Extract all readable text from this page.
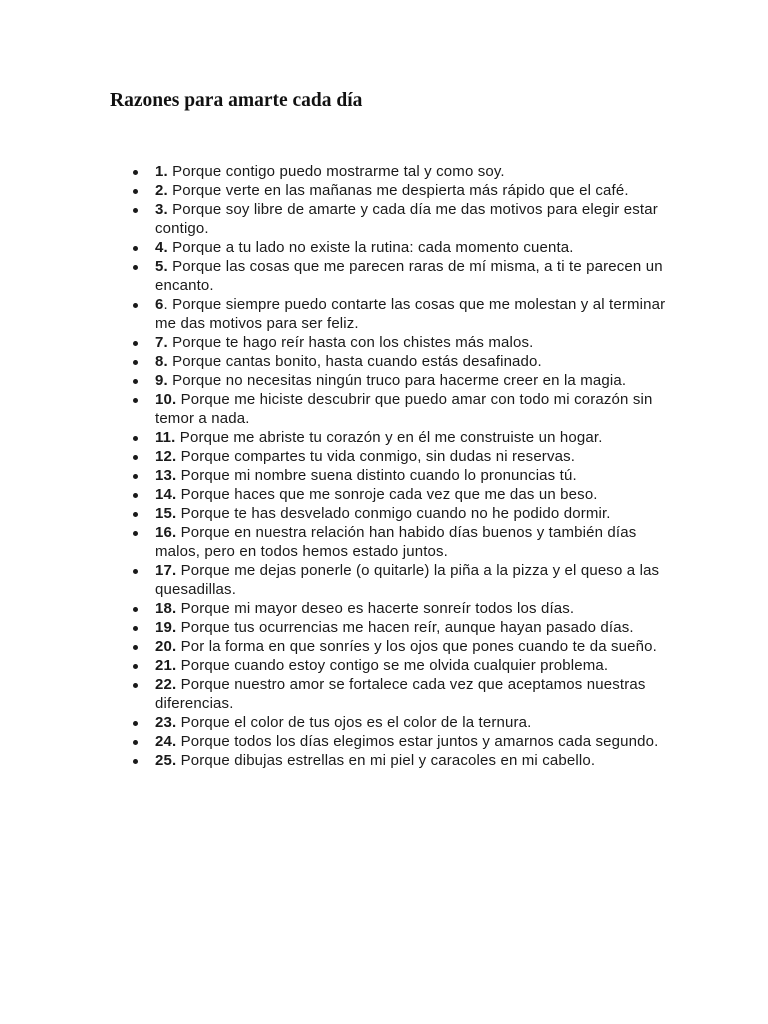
Razones para amarte cada día
1. Porque contigo puedo mostrarme tal y como soy.
2. Porque verte en las mañanas me despierta más rápido que el café.
3. Porque soy libre de amarte y cada día me das motivos para elegir estar contigo.
4. Porque a tu lado no existe la rutina: cada momento cuenta.
5. Porque las cosas que me parecen raras de mí misma, a ti te parecen un encanto.
6. Porque siempre puedo contarte las cosas que me molestan y al terminar me das motivos para ser feliz.
7. Porque te hago reír hasta con los chistes más malos.
8. Porque cantas bonito, hasta cuando estás desafinado.
9. Porque no necesitas ningún truco para hacerme creer en la magia.
10. Porque me hiciste descubrir que puedo amar con todo mi corazón sin temor a nada.
11. Porque me abriste tu corazón y en él me construiste un hogar.
12. Porque compartes tu vida conmigo, sin dudas ni reservas.
13. Porque mi nombre suena distinto cuando lo pronuncias tú.
14. Porque haces que me sonroje cada vez que me das un beso.
15. Porque te has desvelado conmigo cuando no he podido dormir.
16. Porque en nuestra relación han habido días buenos y también días malos, pero en todos hemos estado juntos.
17. Porque me dejas ponerle (o quitarle) la piña a la pizza y el queso a las quesadillas.
18. Porque mi mayor deseo es hacerte sonreír todos los días.
19. Porque tus ocurrencias me hacen reír, aunque hayan pasado días.
20. Por la forma en que sonríes y los ojos que pones cuando te da sueño.
21. Porque cuando estoy contigo se me olvida cualquier problema.
22. Porque nuestro amor se fortalece cada vez que aceptamos nuestras diferencias.
23. Porque el color de tus ojos es el color de la ternura.
24. Porque todos los días elegimos estar juntos y amarnos cada segundo.
25. Porque dibujas estrellas en mi piel y caracoles en mi cabello.
